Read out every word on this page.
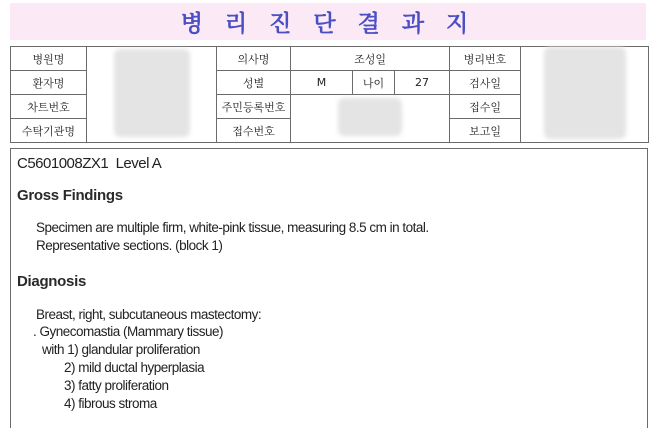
병 리 진 단 결 과 지
병원명		의사명	조성일			병리번호	
환자명		성별	M	나이	27	검사일	
차트번호		주민등록번호				접수일	
수탁기관명		접수번호				보고일	
C5601008ZX1  Level A
Gross Findings
Specimen are multiple firm, white-pink tissue, measuring 8.5 cm in total.
Representative sections. (block 1)
Diagnosis
Breast, right, subcutaneous mastectomy:
. Gynecomastia (Mammary tissue)
with 1) glandular proliferation
2) mild ductal hyperplasia
3) fatty proliferation
4) fibrous stroma
